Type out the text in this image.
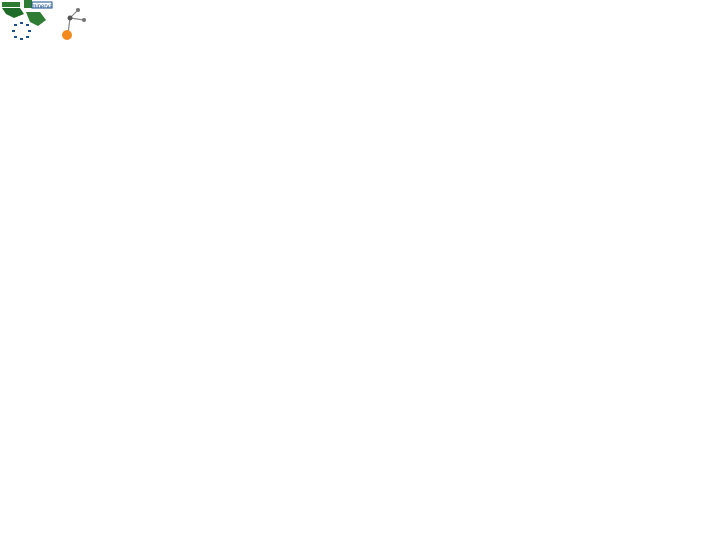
minerva
